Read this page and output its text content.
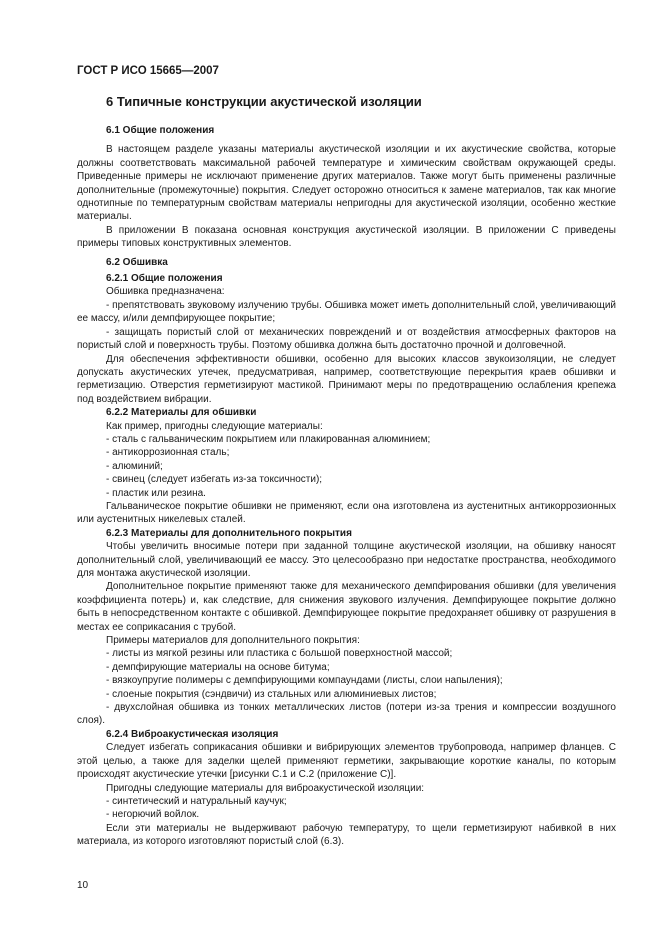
ГОСТ Р ИСО 15665—2007
6 Типичные конструкции акустической изоляции

6.1 Общие положения

В настоящем разделе указаны материалы акустической изоляции и их акустические свойства, которые должны соответствовать максимальной рабочей температуре и химическим свойствам окружающей среды. Приведенные примеры не исключают применение других материалов. Также могут быть применены различные дополнительные (промежуточные) покрытия. Следует осторожно относиться к замене материалов, так как многие однотипные по температурным свойствам материалы непригодны для акустической изоляции, особенно жесткие материалы.

В приложении В показана основная конструкция акустической изоляции. В приложении С приведены примеры типовых конструктивных элементов.

6.2 Обшивка

6.2.1 Общие положения

Обшивка предназначена:

- препятствовать звуковому излучению трубы. Обшивка может иметь дополнительный слой, увеличивающий ее массу, и/или демпфирующее покрытие;

- защищать пористый слой от механических повреждений и от воздействия атмосферных факторов на пористый слой и поверхность трубы. Поэтому обшивка должна быть достаточно прочной и долговечной.

Для обеспечения эффективности обшивки, особенно для высоких классов звукоизоляции, не следует допускать акустических утечек, предусматривая, например, соответствующие перекрытия краев обшивки и герметизацию. Отверстия герметизируют мастикой. Принимают меры по предотвращению ослабления крепежа под воздействием вибрации.

6.2.2 Материалы для обшивки

Как пример, пригодны следующие материалы:

- сталь с гальваническим покрытием или плакированная алюминием;

- антикоррозионная сталь;

- алюминий;

- свинец (следует избегать из-за токсичности);

- пластик или резина.

Гальваническое покрытие обшивки не применяют, если она изготовлена из аустенитных антикоррозионных или аустенитных никелевых сталей.

6.2.3 Материалы для дополнительного покрытия

Чтобы увеличить вносимые потери при заданной толщине акустической изоляции, на обшивку наносят дополнительный слой, увеличивающий ее массу. Это целесообразно при недостатке пространства, необходимого для монтажа акустической изоляции.

Дополнительное покрытие применяют также для механического демпфирования обшивки (для увеличения коэффициента потерь) и, как следствие, для снижения звукового излучения. Демпфирующее покрытие должно быть в непосредственном контакте с обшивкой. Демпфирующее покрытие предохраняет обшивку от разрушения в местах ее соприкасания с трубой.

Примеры материалов для дополнительного покрытия:

- листы из мягкой резины или пластика с большой поверхностной массой;

- демпфирующие материалы на основе битума;

- вязкоупругие полимеры с демпфирующими компаундами (листы, слои напыления);

- слоеные покрытия (сэндвичи) из стальных или алюминиевых листов;

- двухслойная обшивка из тонких металлических листов (потери из-за трения и компрессии воздушного слоя).

6.2.4 Виброакустическая изоляция

Следует избегать соприкасания обшивки и вибрирующих элементов трубопровода, например фланцев. С этой целью, а также для заделки щелей применяют герметики, закрывающие короткие каналы, по которым происходят акустические утечки [рисунки С.1 и С.2 (приложение С)].

Пригодны следующие материалы для виброакустической изоляции:

- синтетический и натуральный каучук;

- негорючий войлок.

Если эти материалы не выдерживают рабочую температуру, то щели герметизируют набивкой в них материала, из которого изготовляют пористый слой (6.3).

10
